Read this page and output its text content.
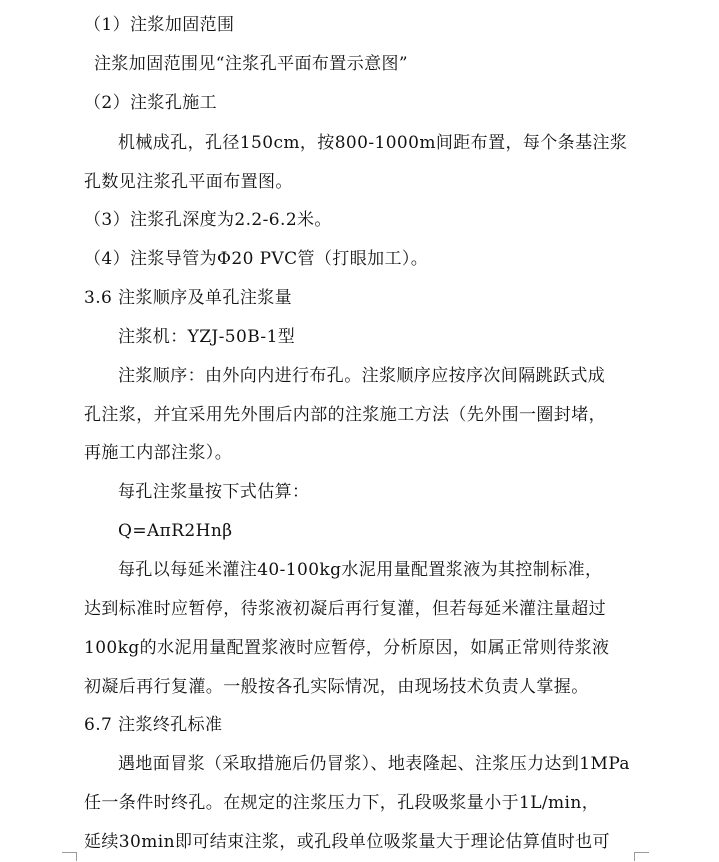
（1）注浆加固范围
注浆加固范围见“注浆孔平面布置示意图”
（2）注浆孔施工
机械成孔，孔径150cm，按800-1000m间距布置，每个条基注浆
孔数见注浆孔平面布置图。
（3）注浆孔深度为2.2-6.2米。
（4）注浆导管为Φ20 PVC管（打眼加工）。
3.6 注浆顺序及单孔注浆量
注浆机：YZJ-50B-1型
注浆顺序：由外向内进行布孔。注浆顺序应按序次间隔跳跃式成
孔注浆，并宜采用先外围后内部的注浆施工方法（先外围一圈封堵，
再施工内部注浆）。
每孔注浆量按下式估算：
Q=AπR2Hnβ
每孔以每延米灌注40-100kg水泥用量配置浆液为其控制标准，
达到标准时应暂停，待浆液初凝后再行复灌，但若每延米灌注量超过
100kg的水泥用量配置浆液时应暂停，分析原因，如属正常则待浆液
初凝后再行复灌。一般按各孔实际情况，由现场技术负责人掌握。
6.7 注浆终孔标准
遇地面冒浆（采取措施后仍冒浆）、地表隆起、注浆压力达到1MPa
任一条件时终孔。在规定的注浆压力下，孔段吸浆量小于1L/min，
延续30min即可结束注浆，或孔段单位吸浆量大于理论估算值时也可
